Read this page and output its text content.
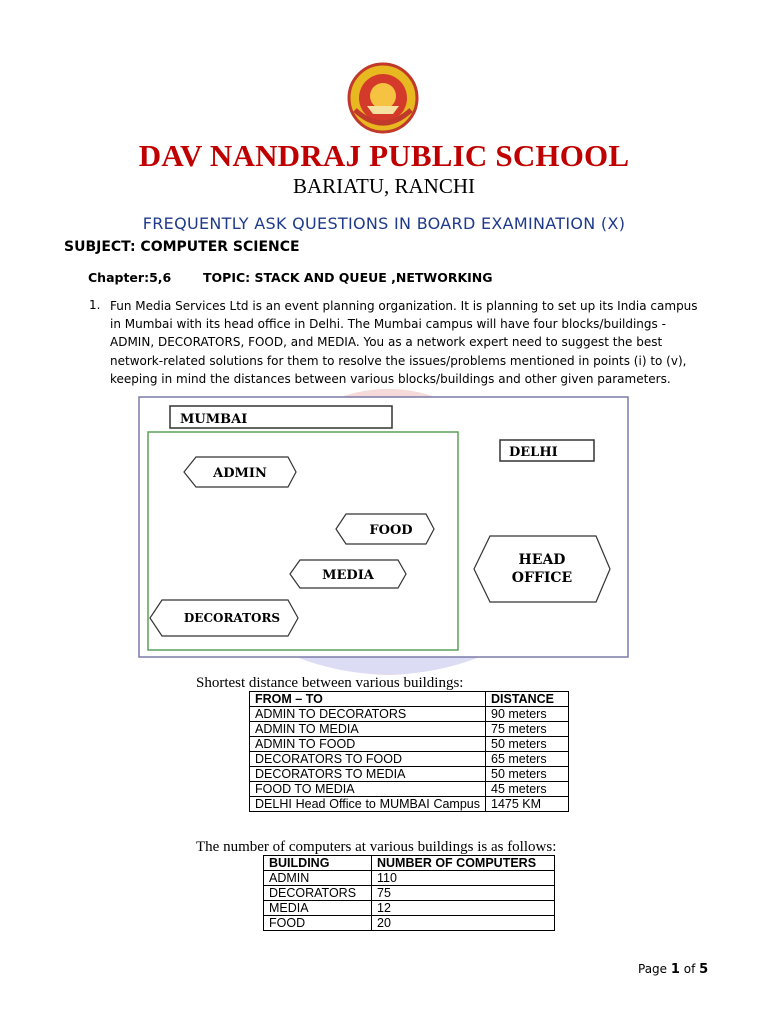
DAV NANDRAJ PUBLIC SCHOOL
BARIATU, RANCHI
FREQUENTLY ASK QUESTIONS IN BOARD EXAMINATION (X)
SUBJECT: COMPUTER SCIENCE
Chapter:5,6	TOPIC: STACK AND QUEUE ,NETWORKING
1. Fun Media Services Ltd is an event planning organization. It is planning to set up its India campus in Mumbai with its head office in Delhi. The Mumbai campus will have four blocks/buildings - ADMIN, DECORATORS, FOOD, and MEDIA. You as a network expert need to suggest the best network-related solutions for them to resolve the issues/problems mentioned in points (i) to (v), keeping in mind the distances between various blocks/buildings and other given parameters.
MUMBAI
DELHI
ADMIN
FOOD
MEDIA
DECORATORS
HEAD
OFFICE
Shortest distance between various buildings:
FROM – TO	DISTANCE
ADMIN TO DECORATORS	90 meters
ADMIN TO MEDIA	75 meters
ADMIN TO FOOD	50 meters
DECORATORS TO FOOD	65 meters
DECORATORS TO MEDIA	50 meters
FOOD TO MEDIA	45 meters
DELHI Head Office to MUMBAI Campus	1475 KM
The number of computers at various buildings is as follows:
BUILDING	NUMBER OF COMPUTERS
ADMIN	110
DECORATORS	75
MEDIA	12
FOOD	20
Page 1 of 5
